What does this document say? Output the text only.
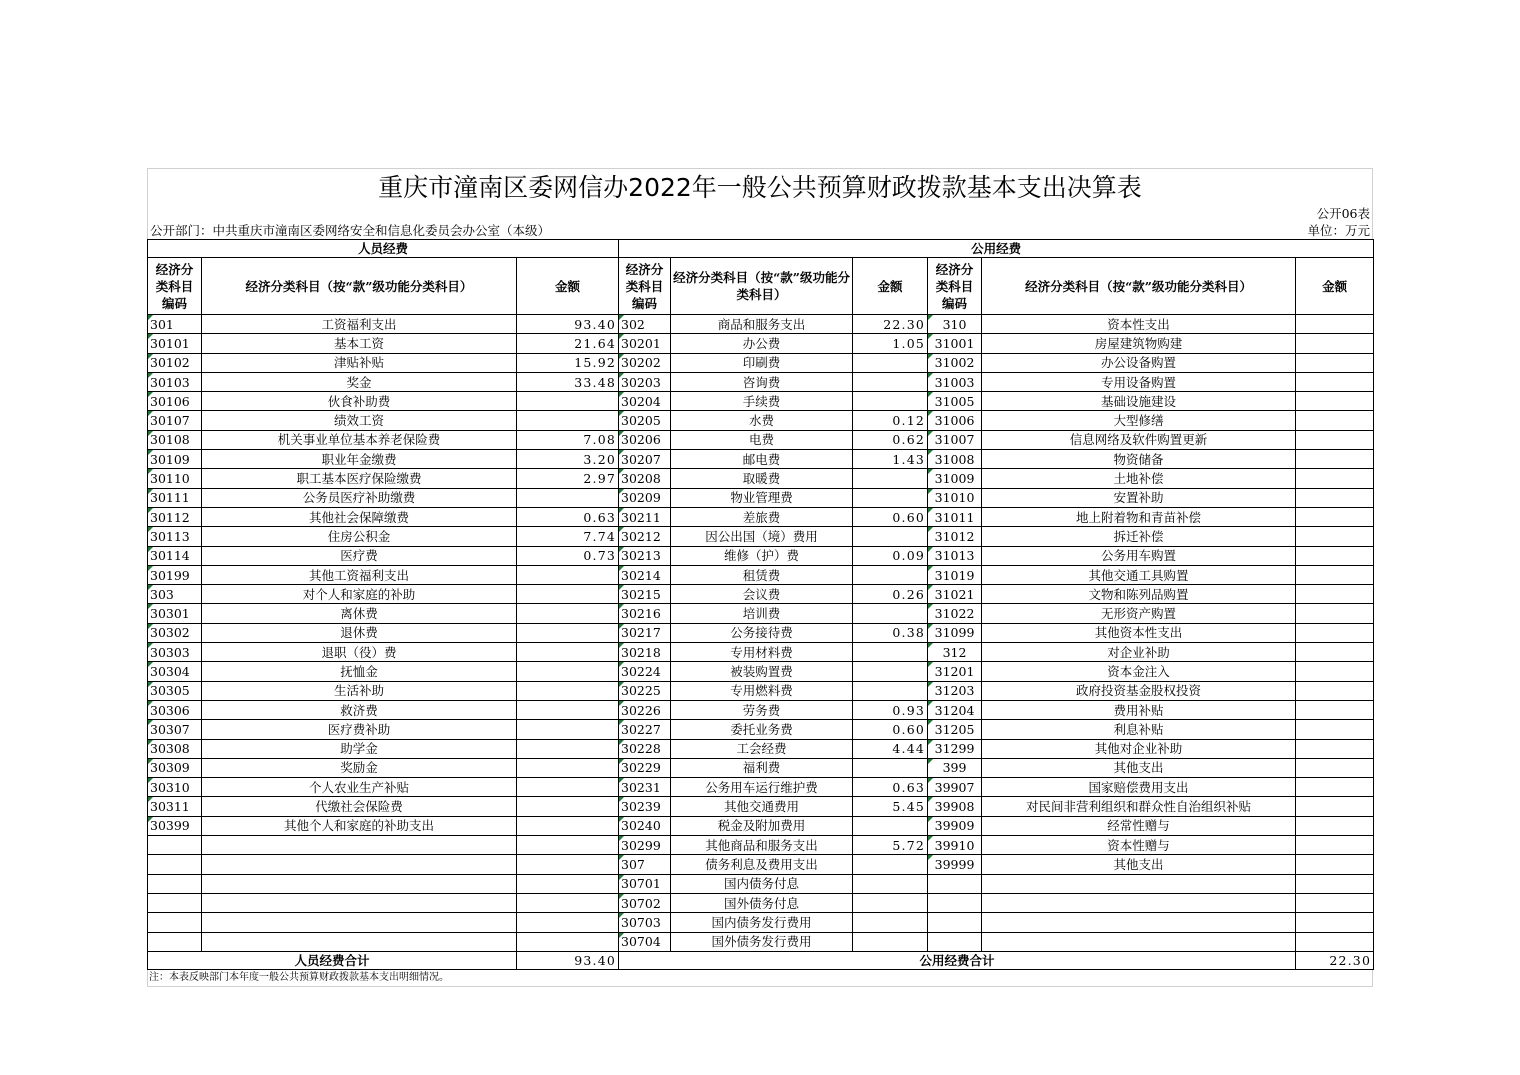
重庆市潼南区委网信办2022年一般公共预算财政拨款基本支出决算表
公开06表
公开部门：中共重庆市潼南区委网络安全和信息化委员会办公室（本级）	单位：万元
人员经费			公用经费					
经济分类科目编码	经济分类科目（按“款”级功能分类科目）	金额	经济分类科目编码	经济分类科目（按“款”级功能分类科目）	金额	经济分类科目编码	经济分类科目（按“款”级功能分类科目）	金额
301	工资福利支出	93.40	302	商品和服务支出	22.30	310	资本性支出	
30101	基本工资	21.64	30201	办公费	1.05	31001	房屋建筑物购建	
30102	津贴补贴	15.92	30202	印刷费		31002	办公设备购置	
30103	奖金	33.48	30203	咨询费		31003	专用设备购置	
30106	伙食补助费		30204	手续费		31005	基础设施建设	
30107	绩效工资		30205	水费	0.12	31006	大型修缮	
30108	机关事业单位基本养老保险费	7.08	30206	电费	0.62	31007	信息网络及软件购置更新	
30109	职业年金缴费	3.20	30207	邮电费	1.43	31008	物资储备	
30110	职工基本医疗保险缴费	2.97	30208	取暖费		31009	土地补偿	
30111	公务员医疗补助缴费		30209	物业管理费		31010	安置补助	
30112	其他社会保障缴费	0.63	30211	差旅费	0.60	31011	地上附着物和青苗补偿	
30113	住房公积金	7.74	30212	因公出国（境）费用		31012	拆迁补偿	
30114	医疗费	0.73	30213	维修（护）费	0.09	31013	公务用车购置	
30199	其他工资福利支出		30214	租赁费		31019	其他交通工具购置	
303	对个人和家庭的补助		30215	会议费	0.26	31021	文物和陈列品购置	
30301	离休费		30216	培训费		31022	无形资产购置	
30302	退休费		30217	公务接待费	0.38	31099	其他资本性支出	
30303	退职（役）费		30218	专用材料费		312	对企业补助	
30304	抚恤金		30224	被装购置费		31201	资本金注入	
30305	生活补助		30225	专用燃料费		31203	政府投资基金股权投资	
30306	救济费		30226	劳务费	0.93	31204	费用补贴	
30307	医疗费补助		30227	委托业务费	0.60	31205	利息补贴	
30308	助学金		30228	工会经费	4.44	31299	其他对企业补助	
30309	奖励金		30229	福利费		399	其他支出	
30310	个人农业生产补贴		30231	公务用车运行维护费	0.63	39907	国家赔偿费用支出	
30311	代缴社会保险费		30239	其他交通费用	5.45	39908	对民间非营利组织和群众性自治组织补贴	
30399	其他个人和家庭的补助支出		30240	税金及附加费用		39909	经常性赠与	
			30299	其他商品和服务支出	5.72	39910	资本性赠与	
			307	债务利息及费用支出		39999	其他支出	
			30701	国内债务付息				
			30702	国外债务付息				
			30703	国内债务发行费用				
			30704	国外债务发行费用				
人员经费合计		93.40	公用经费合计					22.30
注：本表反映部门本年度一般公共预算财政拨款基本支出明细情况。
